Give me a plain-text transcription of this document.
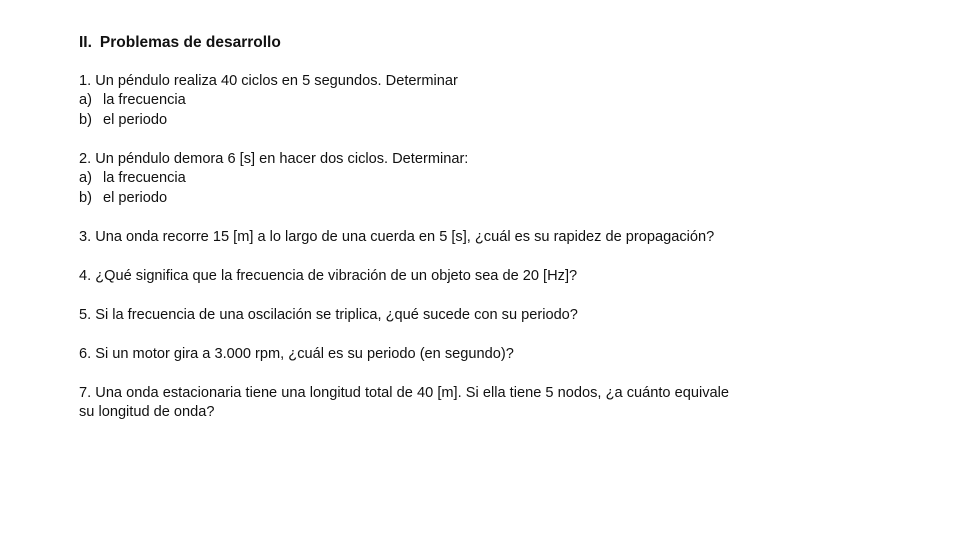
II. Problemas de desarrollo
1. Un péndulo realiza 40 ciclos en 5 segundos. Determinar
a) la frecuencia
b) el periodo
2. Un péndulo demora 6 [s] en hacer dos ciclos. Determinar:
a) la frecuencia
b) el periodo
3. Una onda recorre 15 [m] a lo largo de una cuerda en 5 [s], ¿cuál es su rapidez de propagación?
4. ¿Qué significa que la frecuencia de vibración de un objeto sea de 20 [Hz]?
5. Si la frecuencia de una oscilación se triplica, ¿qué sucede con su periodo?
6. Si un motor gira a 3.000 rpm, ¿cuál es su periodo (en segundo)?
7. Una onda estacionaria tiene una longitud total de 40 [m]. Si ella tiene 5 nodos, ¿a cuánto equivale su longitud de onda?
